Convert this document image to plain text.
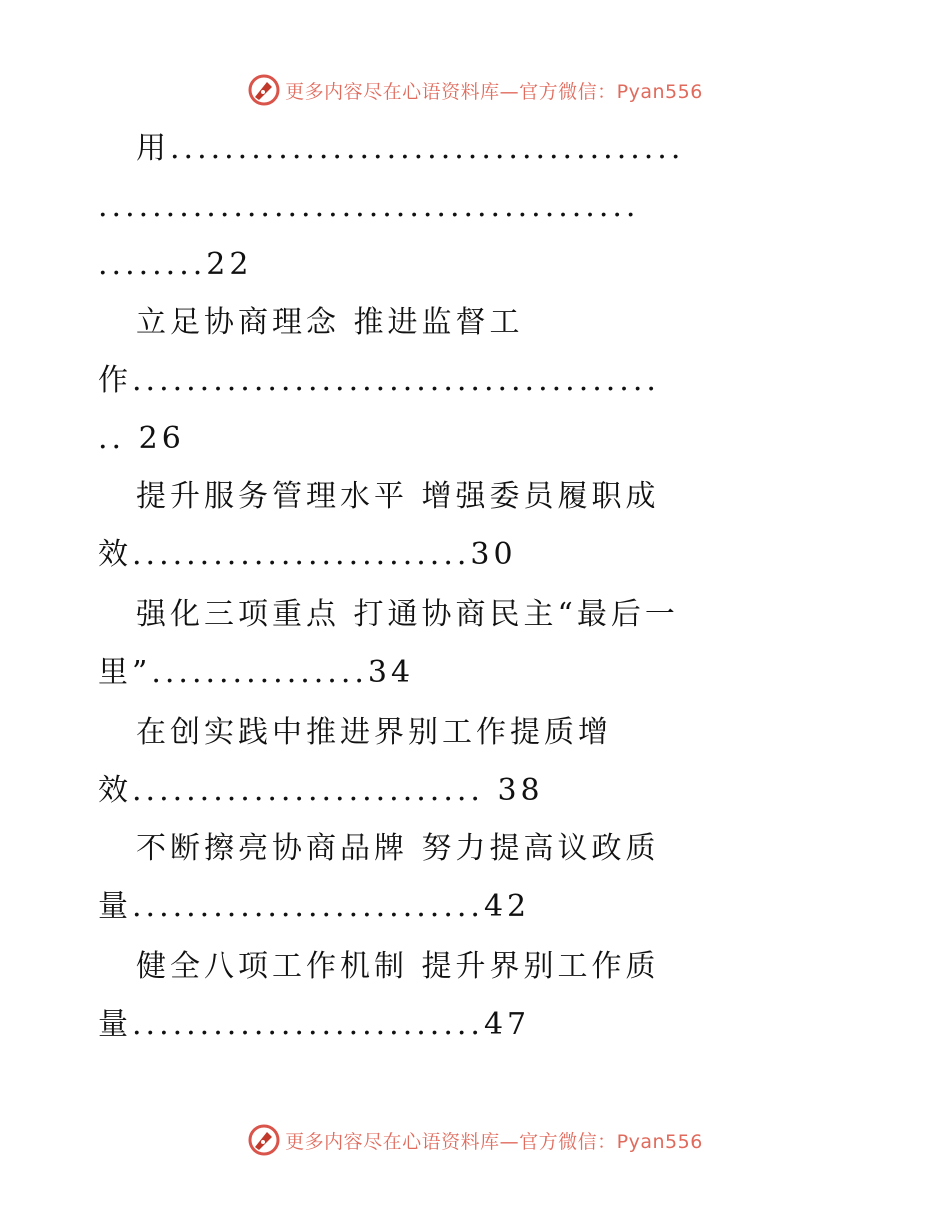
更多内容尽在心语资料库—官方微信：Pyan556
用......................................
........................................
........22
立足协商理念 推进监督工
作.......................................
.. 26
提升服务管理水平 增强委员履职成
效.........................30
强化三项重点 打通协商民主“最后一
里”................34
在创实践中推进界别工作提质增
效.......................... 38
不断擦亮协商品牌 努力提高议政质
量..........................42
健全八项工作机制 提升界别工作质
量..........................47
更多内容尽在心语资料库—官方微信：Pyan556
